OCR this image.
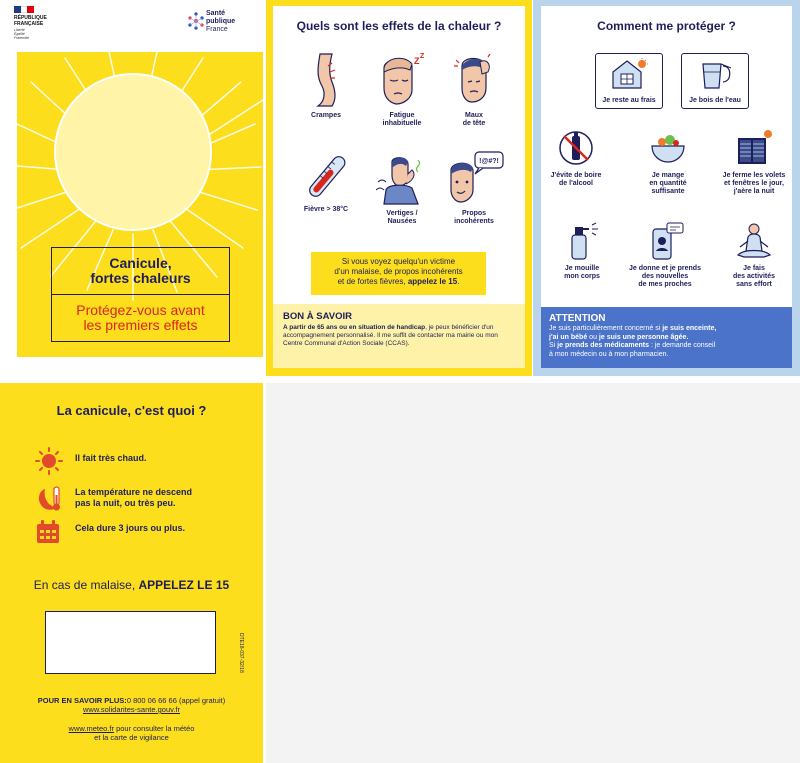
RÉPUBLIQUE
FRANÇAISE
Liberté
Égalité
Fraternité
Santé
publique
France
Canicule,
fortes chaleurs
Protégez-vous avant
les premiers effets
Quels sont les effets de la chaleur ?
Crampes
Z Z
Fatigue
inhabituelle
Maux
de tête
Fièvre > 38°C
Vertiges /
Nausées
!@#?!
Propos
incohérents
Si vous voyez quelqu'un victime
d'un malaise, de propos incohérents
et de fortes fièvres, appelez le 15.
BON À SAVOIR
A partir de 65 ans ou en situation de handicap, je peux bénéficier d'un accompagnement personnalisé. Il me suffit de contacter ma mairie ou mon Centre Communal d'Action Sociale (CCAS).
Comment me protéger ?
Je reste au frais	Je bois de l'eau
J'évite de boire
de l'alcool
Je mange
en quantité
suffisante
Je ferme les volets
et fenêtres le jour,
j'aère la nuit
Je mouille
mon corps
Je donne et je prends
des nouvelles
de mes proches
Je fais
des activités
sans effort
ATTENTION
Je suis particulièrement concerné si je suis enceinte,
j'ai un bébé ou je suis une personne âgée.
Si je prends des médicaments : je demande conseil
à mon médecin ou à mon pharmacien.
La canicule, c'est quoi ?
Il fait très chaud.
La température ne descend
pas la nuit, ou très peu.
Cela dure 3 jours ou plus.
En cas de malaise, APPELEZ LE 15
DTE18-037-32/18
POUR EN SAVOIR PLUS:0 800 06 66 66 (appel gratuit)
www.solidarites-sante.gouv.fr
www.meteo.fr pour consulter la météo
et la carte de vigilance
